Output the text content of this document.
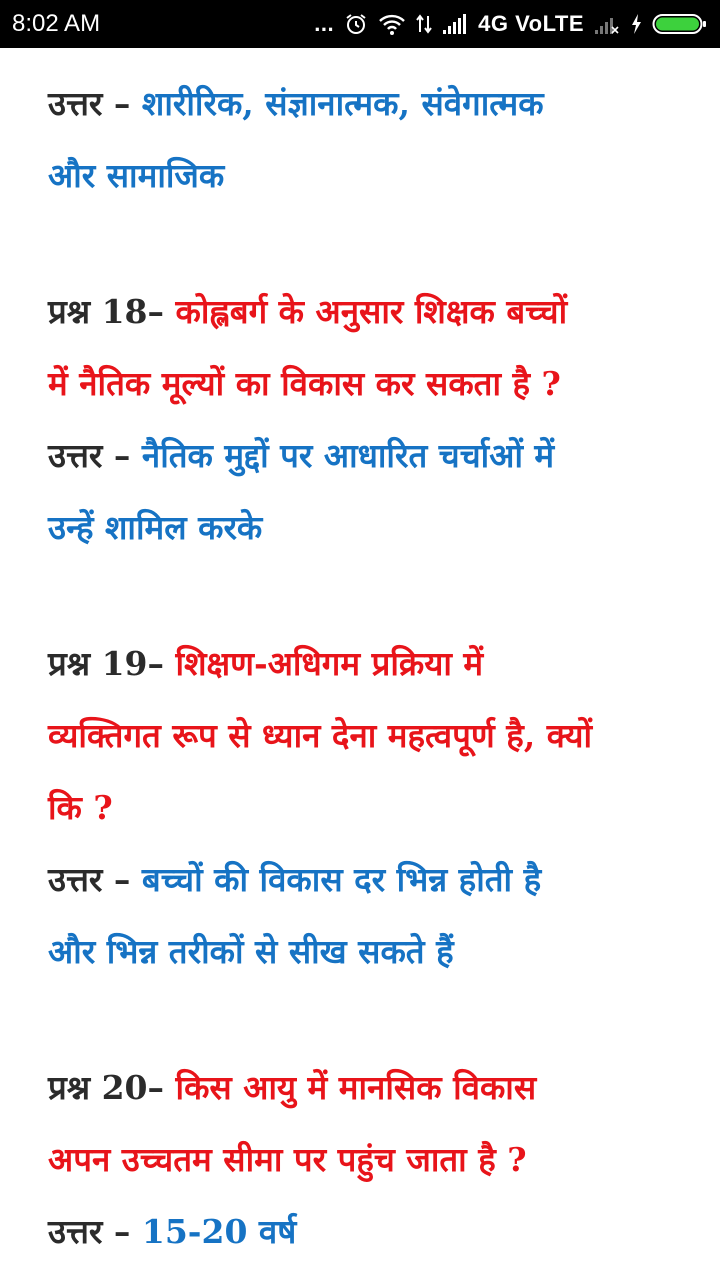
8:02 AM	...	4G VoLTE

उत्तर – शारीरिक, संज्ञानात्मक, संवेगात्मक
और सामाजिक
प्रश्न 18– कोह्लबर्ग के अनुसार शिक्षक बच्चों
में नैतिक मूल्यों का विकास कर सकता है ?
उत्तर – नैतिक मुद्दों पर आधारित चर्चाओं में
उन्हें शामिल करके
प्रश्न 19– शिक्षण-अधिगम प्रक्रिया में
व्यक्तिगत रूप से ध्यान देना महत्वपूर्ण है, क्यों
कि ?
उत्तर – बच्चों की विकास दर भिन्न होती है
और भिन्न तरीकों से सीख सकते हैं
प्रश्न 20– किस आयु में मानसिक विकास
अपन उच्चतम सीमा पर पहुंच जाता है ?
उत्तर – 15-20 वर्ष
